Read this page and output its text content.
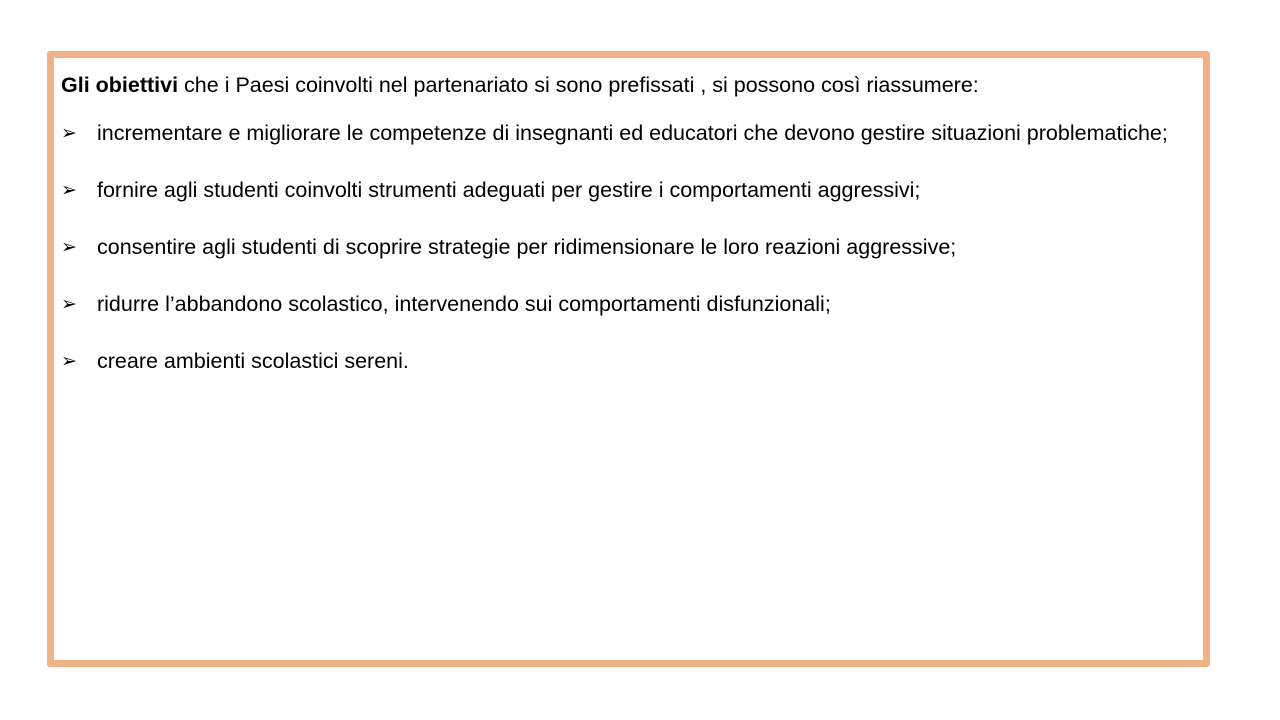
Gli obiettivi che i Paesi coinvolti nel partenariato si sono prefissati , si possono così riassumere:

➢ incrementare e migliorare le competenze di insegnanti ed educatori che devono gestire situazioni problematiche;
➢ fornire agli studenti coinvolti strumenti adeguati per gestire i comportamenti aggressivi;
➢ consentire agli studenti di scoprire strategie per ridimensionare le loro reazioni aggressive;
➢ ridurre l’abbandono scolastico, intervenendo sui comportamenti disfunzionali;
➢ creare ambienti scolastici sereni.
